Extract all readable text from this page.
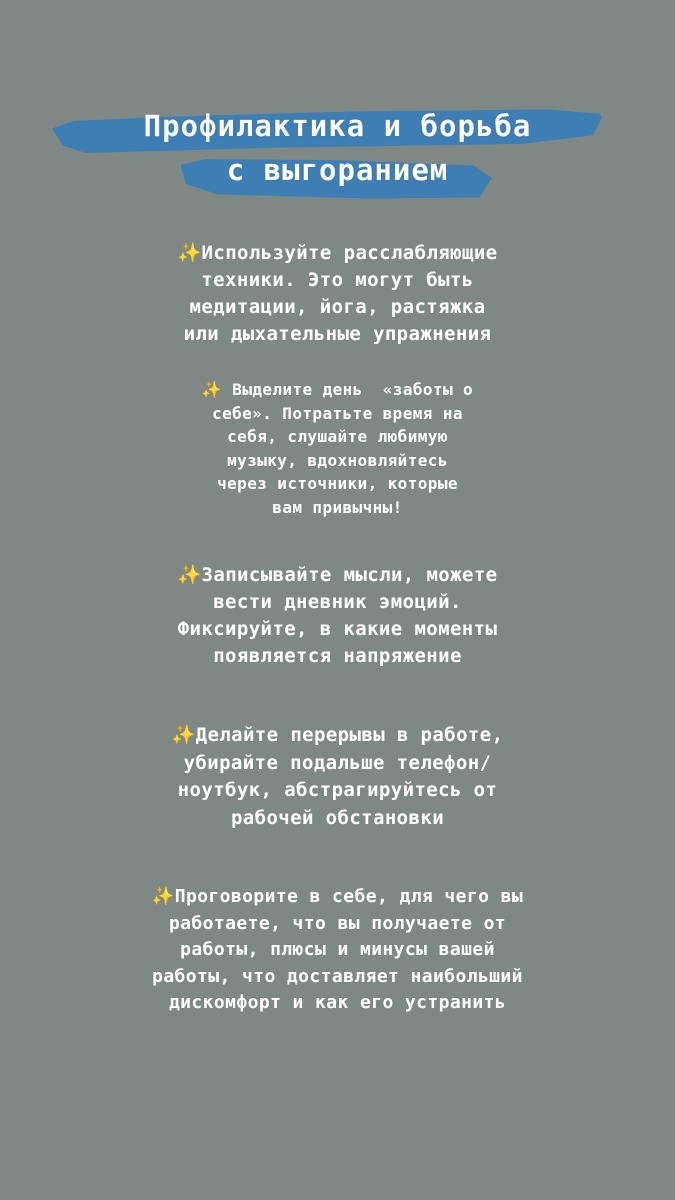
Профилактика и борьба
с выгоранием
✨Используйте расслабляющие
техники. Это могут быть
медитации, йога, растяжка
или дыхательные упражнения
✨ Выделите день  «заботы о
себе». Потратьте время на
себя, слушайте любимую
музыку, вдохновляйтесь
через источники, которые
вам привычны!
✨Записывайте мысли, можете
вести дневник эмоций.
Фиксируйте, в какие моменты
появляется напряжение
✨Делайте перерывы в работе,
убирайте подальше телефон/
ноутбук, абстрагируйтесь от
рабочей обстановки
✨Проговорите в себе, для чего вы
работаете, что вы получаете от
работы, плюсы и минусы вашей
работы, что доставляет наибольший
дискомфорт и как его устранить
